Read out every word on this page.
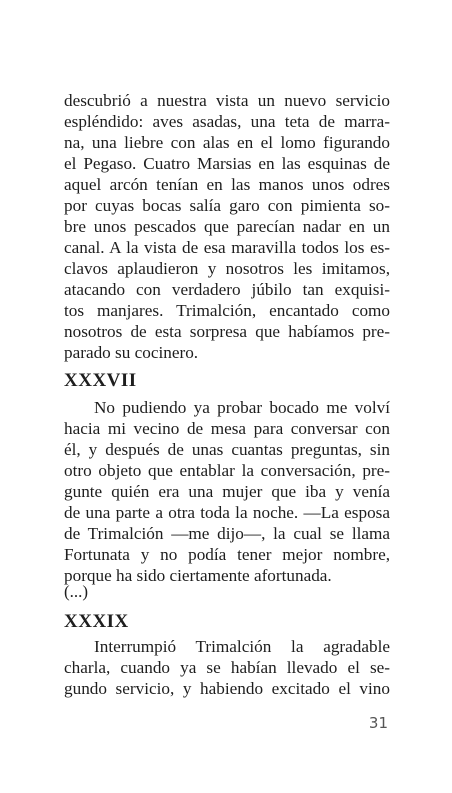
descubrió a nuestra vista un nuevo servicio
espléndido: aves asadas, una teta de marra-
na, una liebre con alas en el lomo figurando
el Pegaso. Cuatro Marsias en las esquinas de
aquel arcón tenían en las manos unos odres
por cuyas bocas salía garo con pimienta so-
bre unos pescados que parecían nadar en un
canal. A la vista de esa maravilla todos los es-
clavos aplaudieron y nosotros les imitamos,
atacando con verdadero júbilo tan exquisi-
tos manjares. Trimalción, encantado como
nosotros de esta sorpresa que habíamos pre-
parado su cocinero.
XXXVII
No pudiendo ya probar bocado me volví
hacia mi vecino de mesa para conversar con
él, y después de unas cuantas preguntas, sin
otro objeto que entablar la conversación, pre-
gunte quién era una mujer que iba y venía
de una parte a otra toda la noche. —La esposa
de Trimalción —me dijo—, la cual se llama
Fortunata y no podía tener mejor nombre,
porque ha sido ciertamente afortunada.
(...)
XXXIX
Interrumpió Trimalción la agradable
charla, cuando ya se habían llevado el se-
gundo servicio, y habiendo excitado el vino
31
